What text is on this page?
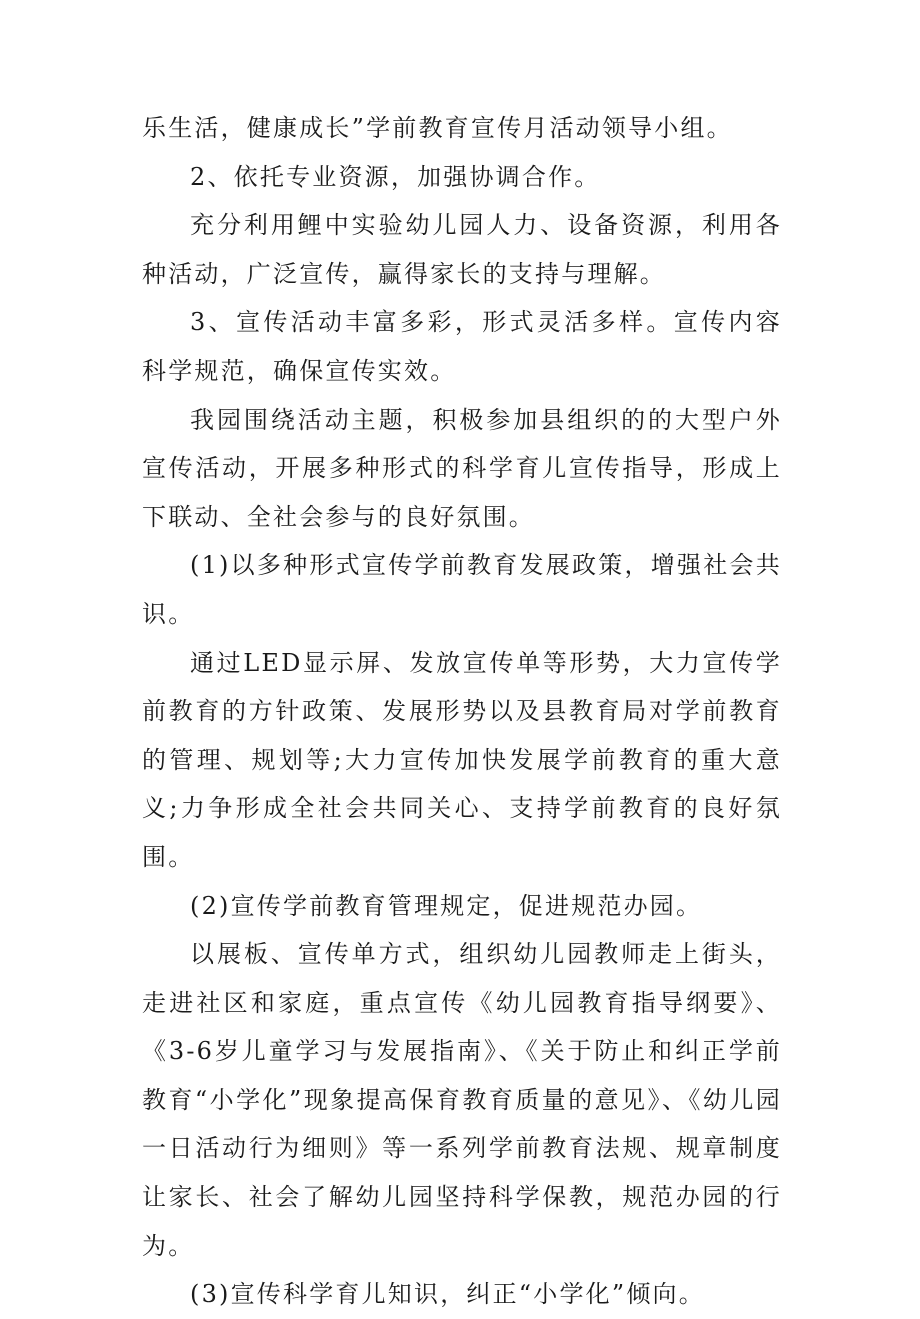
乐生活，健康成长”学前教育宣传月活动领导小组。

2、依托专业资源，加强协调合作。

充分利用鲤中实验幼儿园人力、设备资源，利用各种活动，广泛宣传，赢得家长的支持与理解。

3、宣传活动丰富多彩，形式灵活多样。宣传内容科学规范，确保宣传实效。

我园围绕活动主题，积极参加县组织的的大型户外宣传活动，开展多种形式的科学育儿宣传指导，形成上下联动、全社会参与的良好氛围。

(1)以多种形式宣传学前教育发展政策，增强社会共识。

通过LED显示屏、发放宣传单等形势，大力宣传学前教育的方针政策、发展形势以及县教育局对学前教育的管理、规划等;大力宣传加快发展学前教育的重大意义;力争形成全社会共同关心、支持学前教育的良好氛围。

(2)宣传学前教育管理规定，促进规范办园。

以展板、宣传单方式，组织幼儿园教师走上街头，走进社区和家庭，重点宣传《幼儿园教育指导纲要》、《3-6岁儿童学习与发展指南》、《关于防止和纠正学前教育“小学化”现象提高保育教育质量的意见》、《幼儿园一日活动行为细则》等一系列学前教育法规、规章制度让家长、社会了解幼儿园坚持科学保教，规范办园的行为。

(3)宣传科学育儿知识，纠正“小学化”倾向。
